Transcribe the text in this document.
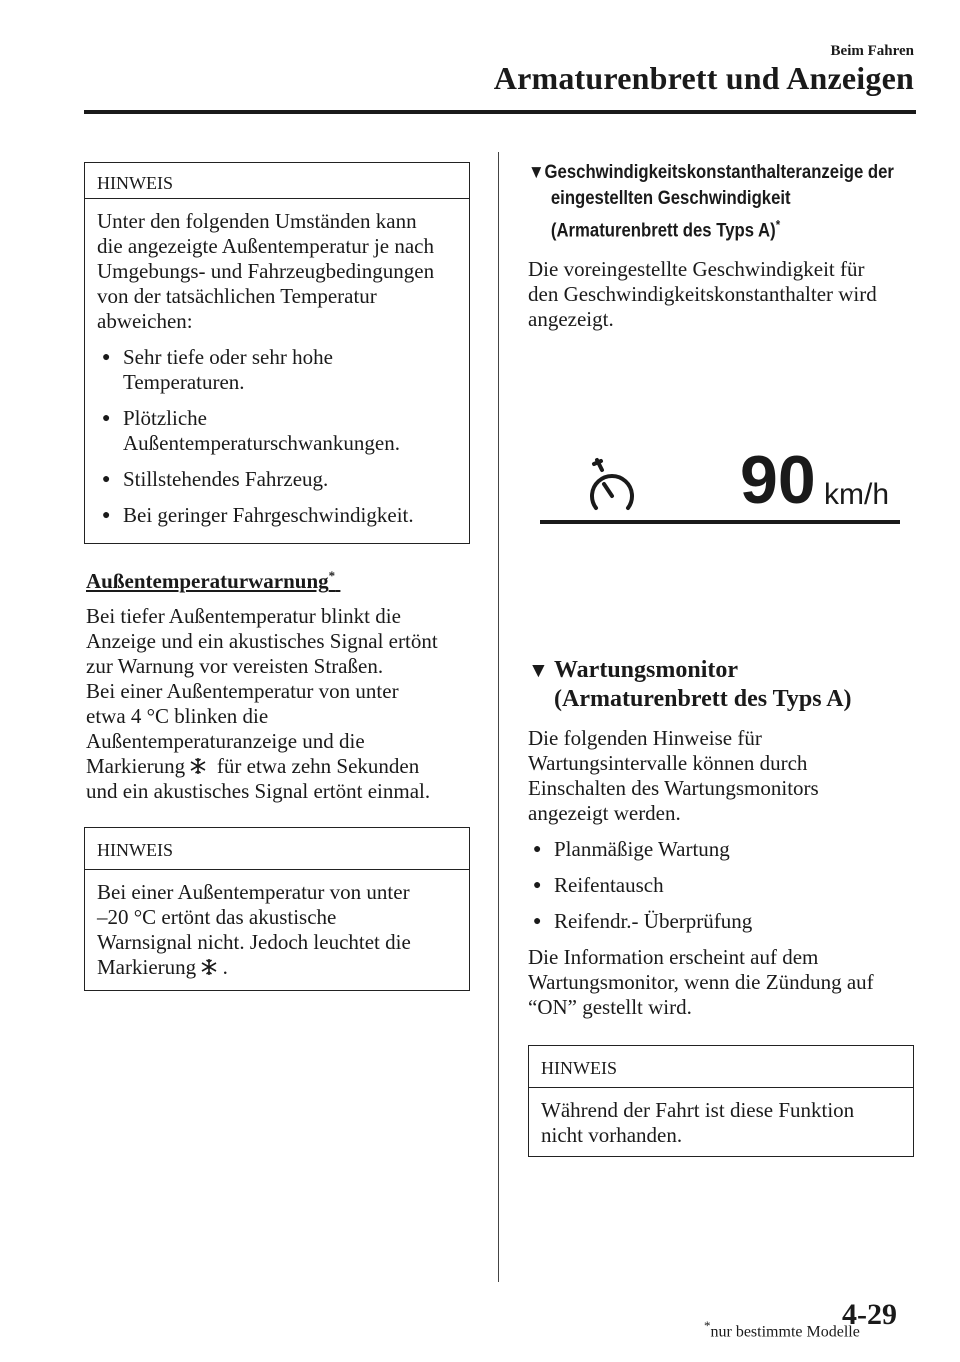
Beim Fahren
Armaturenbrett und Anzeigen
HINWEIS

Unter den folgenden Umständen kann

die angezeigte Außentemperatur je nach

Umgebungs- und Fahrzeugbedingungen

von der tatsächlichen Temperatur

abweichen:

● Sehr tiefe oder sehr hohe
Temperaturen.
● Plötzliche
Außentemperaturschwankungen.
● Stillstehendes Fahrzeug.
● Bei geringer Fahrgeschwindigkeit.
Außentemperaturwarnung*

Bei tiefer Außentemperatur blinkt die

Anzeige und ein akustisches Signal ertönt

zur Warnung vor vereisten Straßen.

Bei einer Außentemperatur von unter

etwa 4 °C blinken die

Außentemperaturanzeige und die

Markierung für etwa zehn Sekunden

und ein akustisches Signal ertönt einmal.

HINWEIS

Bei einer Außentemperatur von unter

–20 °C ertönt das akustische

Warnsignal nicht. Jedoch leuchtet die

Markierung .

▼ Geschwindigkeitskonstanthalteranzeige der
eingestellten Geschwindigkeit
(Armaturenbrett des Typs A)*

Die voreingestellte Geschwindigkeit für

den Geschwindigkeitskonstanthalter wird

angezeigt.

90 km/h
▼ Wartungsmonitor
(Armaturenbrett des Typs A)

Die folgenden Hinweise für

Wartungsintervalle können durch

Einschalten des Wartungsmonitors

angezeigt werden.

● Planmäßige Wartung
● Reifentausch
● Reifendr.- Überprüfung

Die Information erscheint auf dem

Wartungsmonitor, wenn die Zündung auf

“ON” gestellt wird.

HINWEIS

Während der Fahrt ist diese Funktion

nicht vorhanden.

*nur bestimmte Modelle
4-29
